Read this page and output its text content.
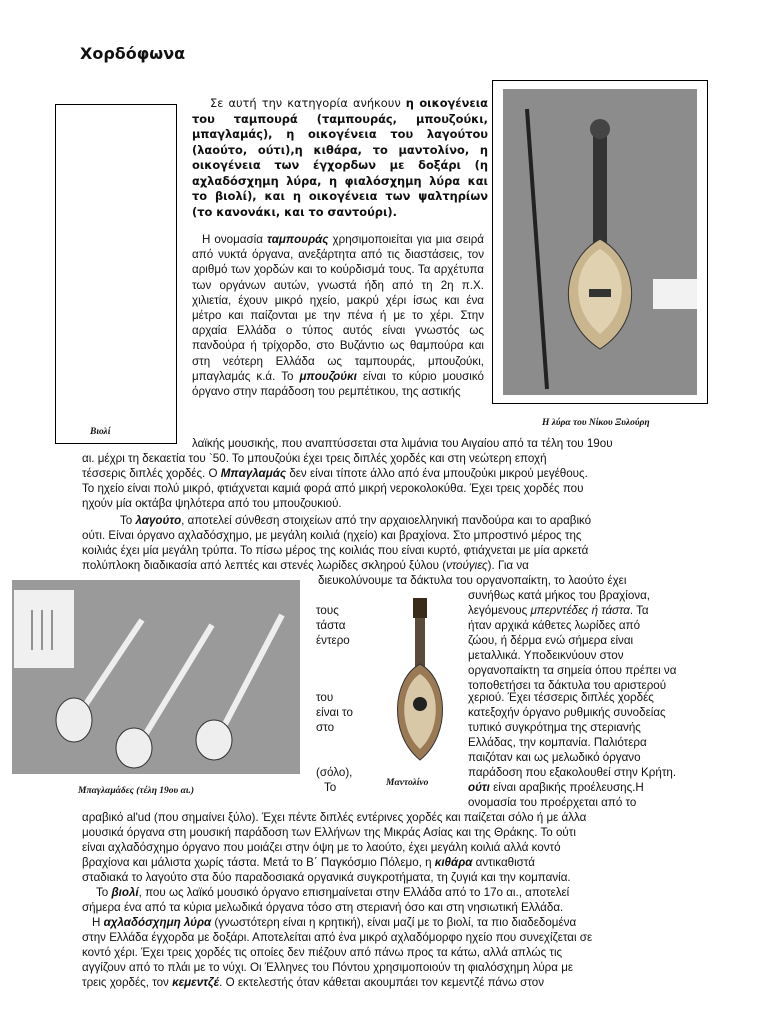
Χορδόφωνα
Βιολί
Η λύρα του Νίκου Ξυλούρη

Σε αυτή την κατηγορία ανήκουν η οικογένεια του ταμπουρά (ταμπουράς, μπουζούκι, μπαγλαμάς), η οικογένεια του λαγούτου (λαούτο, ούτι),η κιθάρα, το μαντολίνο, η οικογένεια των έγχορδων με δοξάρι (η αχλαδόσχημη λύρα, η φιαλόσχημη λύρα και το βιολί), και η οικογένεια των ψαλτηρίων (το κανονάκι, και το σαντούρι).

Η ονομασία ταμπουράς χρησιμοποιείται για μια σειρά από νυκτά όργανα, ανεξάρτητα από τις διαστάσεις, τον αριθμό των χορδών και το κούρδισμά τους. Τα αρχέτυπα των οργάνων αυτών, γνωστά ήδη από τη 2η π.Χ. χιλιετία, έχουν μικρό ηχείο, μακρύ χέρι ίσως και ένα μέτρο και παίζονται με την πένα ή με το χέρι. Στην αρχαία Ελλάδα ο τύπος αυτός είναι γνωστός ως πανδούρα ή τρίχορδο, στο Βυζάντιο ως θαμπούρα και στη νεότερη Ελλάδα ως ταμπουράς, μπουζούκι, μπαγλαμάς κ.ά. Το μπουζούκι είναι το κύριο μουσικό όργανο στην παράδοση του ρεμπέτικου, της αστικής

λαϊκής μουσικής, που αναπτύσσεται στα λιμάνια του Αιγαίου από τα τέλη του 19ου
αι. μέχρι τη δεκαετία του `50. Το μπουζούκι έχει τρεις διπλές χορδές και στη νεώτερη εποχή
τέσσερις διπλές χορδές. Ο Μπαγλαμάς δεν είναι τίποτε άλλο από ένα μπουζούκι μικρού μεγέθους.
Το ηχείο είναι πολύ μικρό, φτιάχνεται καμιά φορά από μικρή νεροκολοκύθα. Έχει τρεις χορδές που
ηχούν μία οκτάβα ψηλότερα από του μπουζουκιού.
Το λαγούτο, αποτελεί σύνθεση στοιχείων από την αρχαιοελληνική πανδούρα και το αραβικό
ούτι. Είναι όργανο αχλαδόσχημο, με μεγάλη κοιλιά (ηχείο) και βραχίονα. Στο μπροστινό μέρος της
κοιλιάς έχει μία μεγάλη τρύπα. Το πίσω μέρος της κοιλιάς που είναι κυρτό, φτιάχνεται με μία αρκετά
πολύπλοκη διαδικασία από λεπτές και στενές λωρίδες σκληρού ξύλου (ντούγιες). Για να
διευκολύνουμε τα δάκτυλα του οργανοπαίκτη, το λαούτο έχει
Μπαγλαμάδες (τέλη 19ου αι.)
τους
τάστα
έντερο
του
είναι το
στο
(σόλο),
Το	Μαντολίνο
συνήθως κατά μήκος του βραχίονα,
λεγόμενους μπερντέδες ή τάστα. Τα
ήταν αρχικά κάθετες λωρίδες από
ζώου, ή δέρμα ενώ σήμερα είναι
μεταλλικά. Υποδεικνύουν στον
οργανοπαίκτη τα σημεία όπου πρέπει να
τοποθετήσει τα δάκτυλα του αριστερού
χεριού. Έχει τέσσερις διπλές χορδές
κατεξοχήν όργανο ρυθμικής συνοδείας
τυπικό συγκρότημα της στεριανής
Ελλάδας, την κομπανία. Παλιότερα
παιζόταν και ως μελωδικό όργανο
παράδοση που εξακολουθεί στην Κρήτη.
ούτι είναι αραβικής προέλευσης.Η
ονομασία του προέρχεται από το
αραβικό al'ud (που σημαίνει ξύλο). Έχει πέντε διπλές εντέρινες χορδές και παίζεται σόλο ή με άλλα
μουσικά όργανα στη μουσική παράδοση των Ελλήνων της Μικράς Ασίας και της Θράκης. Το ούτι
είναι αχλαδόσχημο όργανο που μοιάζει στην όψη με το λαούτο, έχει μεγάλη κοιλιά αλλά κοντό
βραχίονα και μάλιστα χωρίς τάστα. Μετά το Β΄ Παγκόσμιο Πόλεμο, η κιθάρα αντικαθιστά
σταδιακά το λαγούτο στα δύο παραδοσιακά οργανικά συγκροτήματα, τη ζυγιά και την κομπανία.
Το βιολί, που ως λαϊκό μουσικό όργανο επισημαίνεται στην Ελλάδα από το 17ο αι., αποτελεί
σήμερα ένα από τα κύρια μελωδικά όργανα τόσο στη στεριανή όσο και στη νησιωτική Ελλάδα.
Η αχλαδόσχημη λύρα (γνωστότερη είναι η κρητική), είναι μαζί με το βιολί, τα πιο διαδεδομένα
στην Ελλάδα έγχορδα με δοξάρι. Αποτελείται από ένα μικρό αχλαδόμορφο ηχείο που συνεχίζεται σε
κοντό χέρι. Έχει τρεις χορδές τις οποίες δεν πιέζουν από πάνω προς τα κάτω, αλλά απλώς τις
αγγίζουν από το πλάι με το νύχι. Οι Έλληνες του Πόντου χρησιμοποιούν τη φιαλόσχημη λύρα με
τρεις χορδές, τον κεμεντζέ. Ο εκτελεστής όταν κάθεται ακουμπάει τον κεμεντζέ πάνω στον
